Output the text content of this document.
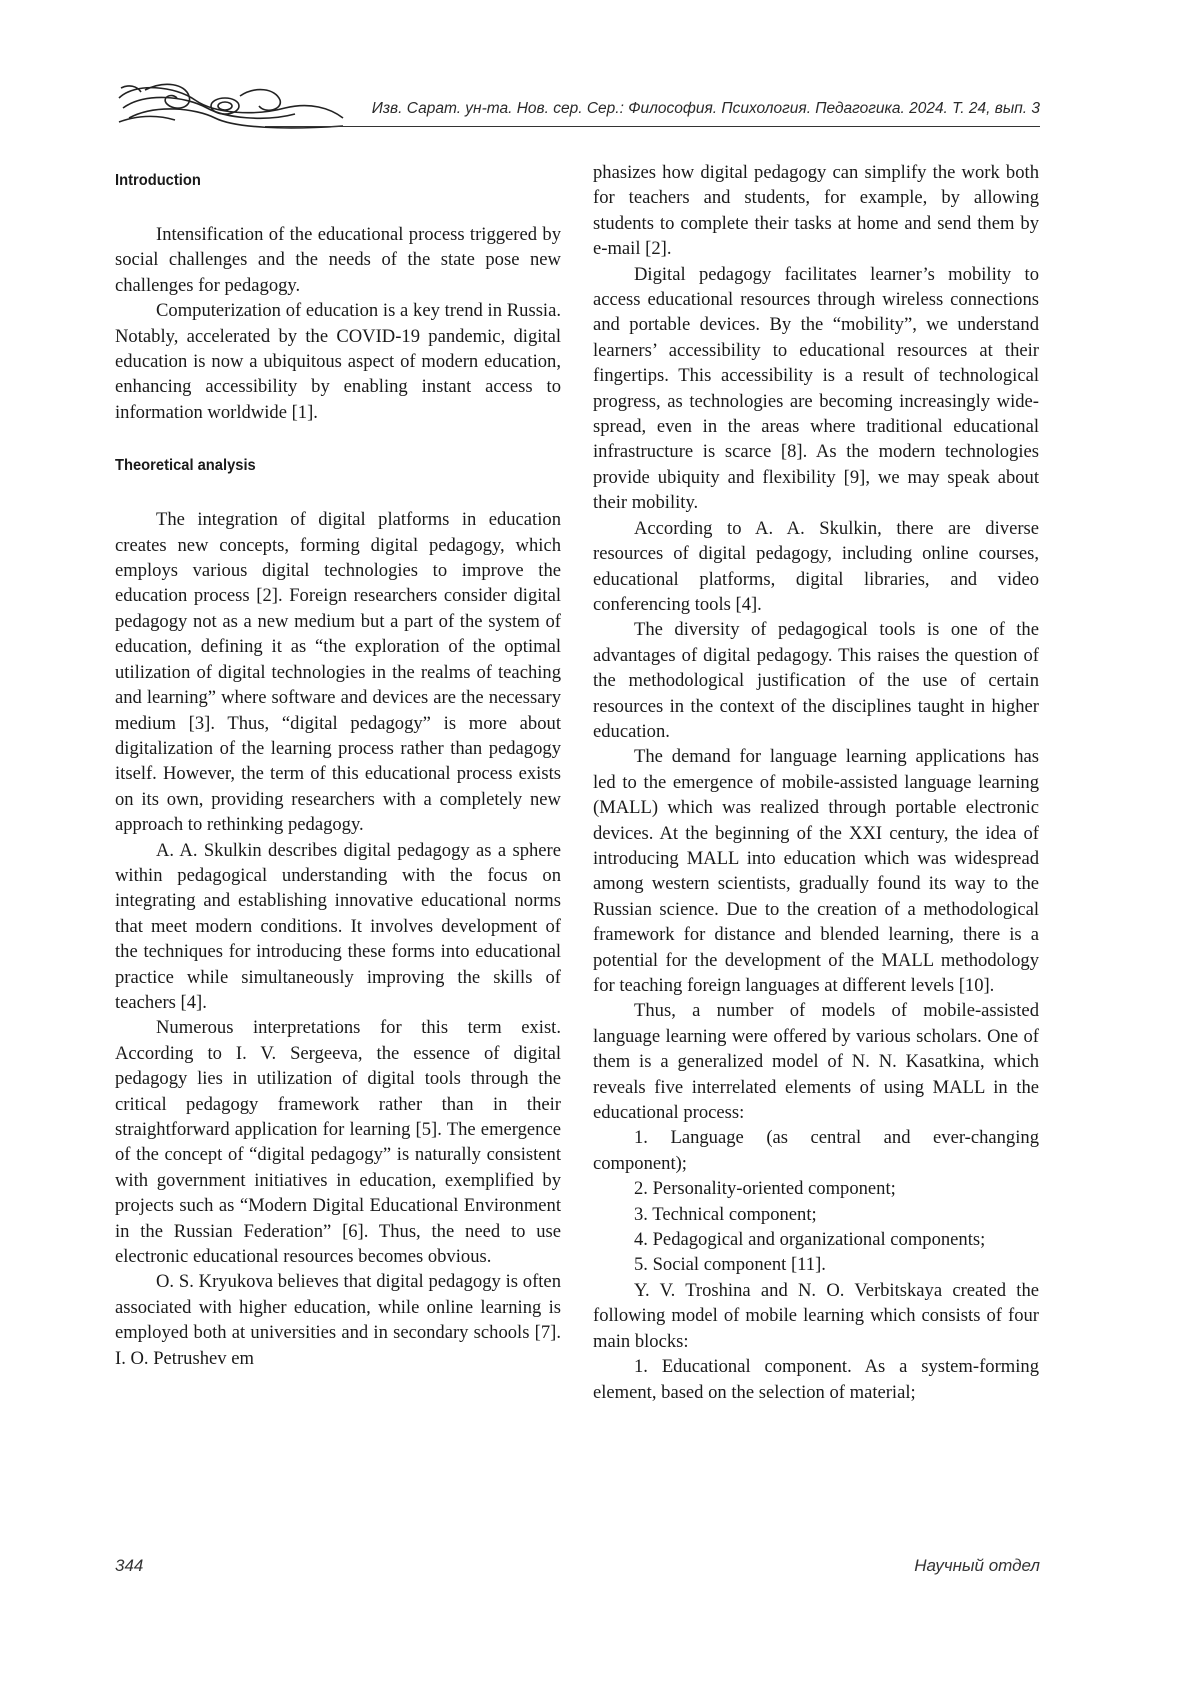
Изв. Сарат. ун-та. Нов. сер. Сер.: Философия. Психология. Педагогика. 2024. Т. 24, вып. 3
Introduction

Intensification of the educational process triggered by social challenges and the needs of the state pose new challenges for pedagogy.

Computerization of education is a key trend in Russia. Notably, accelerated by the COVID-19 pandemic, digital education is now a ubiquitous aspect of modern education, enhancing accessibility by enabling instant access to information worldwide [1].

Theoretical analysis

The integration of digital platforms in education creates new concepts, forming digital pedagogy, which employs various digital technologies to improve the education process [2]. Foreign researchers consider digital pedagogy not as a new medium but a part of the system of education, defining it as “the exploration of the optimal utilization of digital technologies in the realms of teaching and learning” where software and devices are the necessary medium [3]. Thus, “digital pedagogy” is more about digitalization of the learning process rather than pedagogy itself. However, the term of this educational process exists on its own, providing researchers with a completely new approach to rethinking pedagogy.

A. A. Skulkin describes digital pedagogy as a sphere within pedagogical understanding with the focus on integrating and establishing innovative educational norms that meet modern conditions. It involves development of the techniques for introducing these forms into educational practice while simultaneously improving the skills of teachers [4].

Numerous interpretations for this term exist. According to I. V. Sergeeva, the essence of digital pedagogy lies in utilization of digital tools through the critical pedagogy framework rather than in their straightforward application for learning [5]. The emergence of the concept of “digital pedagogy” is naturally consistent with government initiatives in education, exemplified by projects such as “Modern Digital Educational Environment in the Russian Federation” [6]. Thus, the need to use electronic educational resources becomes obvious.

O. S. Kryukova believes that digital pedagogy is often associated with higher education, while online learning is employed both at universities and in secondary schools [7]. I. O. Petrushev em

phasizes how digital pedagogy can simplify the work both for teachers and students, for example, by allowing students to complete their tasks at home and send them by e-mail [2].

Digital pedagogy facilitates learner’s mobility to access educational resources through wireless connections and portable devices. By the “mobility”, we understand learners’ accessibility to educational resources at their fingertips. This accessibility is a result of technological progress, as technologies are becoming increasingly widespread, even in the areas where traditional educational infrastructure is scarce [8]. As the modern technologies provide ubiquity and flexibility [9], we may speak about their mobility.

According to A. A. Skulkin, there are diverse resources of digital pedagogy, including online courses, educational platforms, digital libraries, and video conferencing tools [4].

The diversity of pedagogical tools is one of the advantages of digital pedagogy. This raises the question of the methodological justification of the use of certain resources in the context of the disciplines taught in higher education.

The demand for language learning applications has led to the emergence of mobile-assisted language learning (MALL) which was realized through portable electronic devices. At the beginning of the XXI century, the idea of introducing MALL into education which was widespread among western scientists, gradually found its way to the Russian science. Due to the creation of a methodological framework for distance and blended learning, there is a potential for the development of the MALL methodology for teaching foreign languages at different levels [10].

Thus, a number of models of mobile-assisted language learning were offered by various scholars. One of them is a generalized model of N. N. Kasatkina, which reveals five interrelated elements of using MALL in the educational process:

1. Language (as central and ever-changing component);

2. Personality-oriented component;

3. Technical component;

4. Pedagogical and organizational components;

5. Social component [11].

Y. V. Troshina and N. O. Verbitskaya created the following model of mobile learning which consists of four main blocks:

1. Educational component. As a system-forming element, based on the selection of material;

344	Научный отдел
